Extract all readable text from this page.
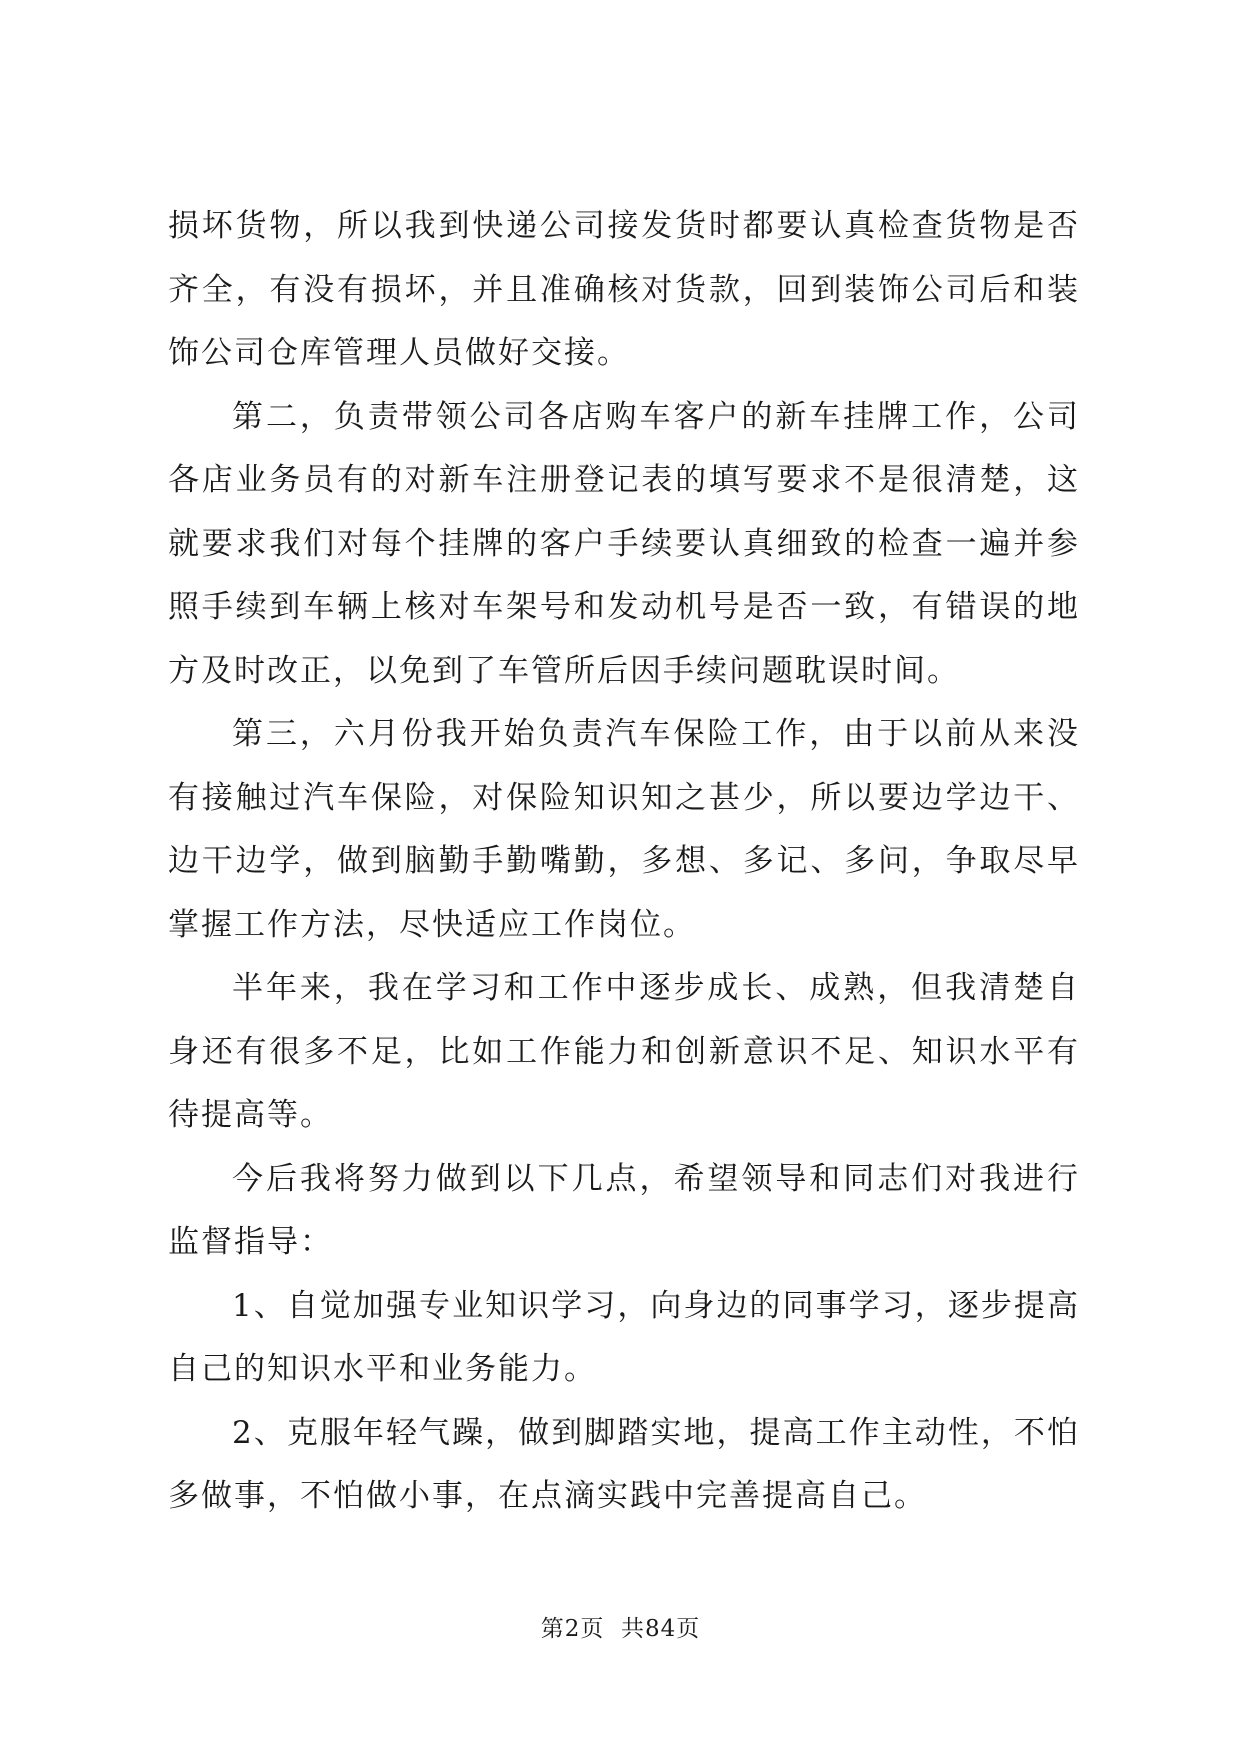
损坏货物，所以我到快递公司接发货时都要认真检查货物是否齐全，有没有损坏，并且准确核对货款，回到装饰公司后和装饰公司仓库管理人员做好交接。

第二，负责带领公司各店购车客户的新车挂牌工作，公司各店业务员有的对新车注册登记表的填写要求不是很清楚，这就要求我们对每个挂牌的客户手续要认真细致的检查一遍并参照手续到车辆上核对车架号和发动机号是否一致，有错误的地方及时改正，以免到了车管所后因手续问题耽误时间。

第三，六月份我开始负责汽车保险工作，由于以前从来没有接触过汽车保险，对保险知识知之甚少，所以要边学边干、边干边学，做到脑勤手勤嘴勤，多想、多记、多问，争取尽早掌握工作方法，尽快适应工作岗位。

半年来，我在学习和工作中逐步成长、成熟，但我清楚自身还有很多不足，比如工作能力和创新意识不足、知识水平有待提高等。

今后我将努力做到以下几点，希望领导和同志们对我进行监督指导：

1、自觉加强专业知识学习，向身边的同事学习，逐步提高自己的知识水平和业务能力。

2、克服年轻气躁，做到脚踏实地，提高工作主动性，不怕多做事，不怕做小事，在点滴实践中完善提高自己。

第2页 共84页
